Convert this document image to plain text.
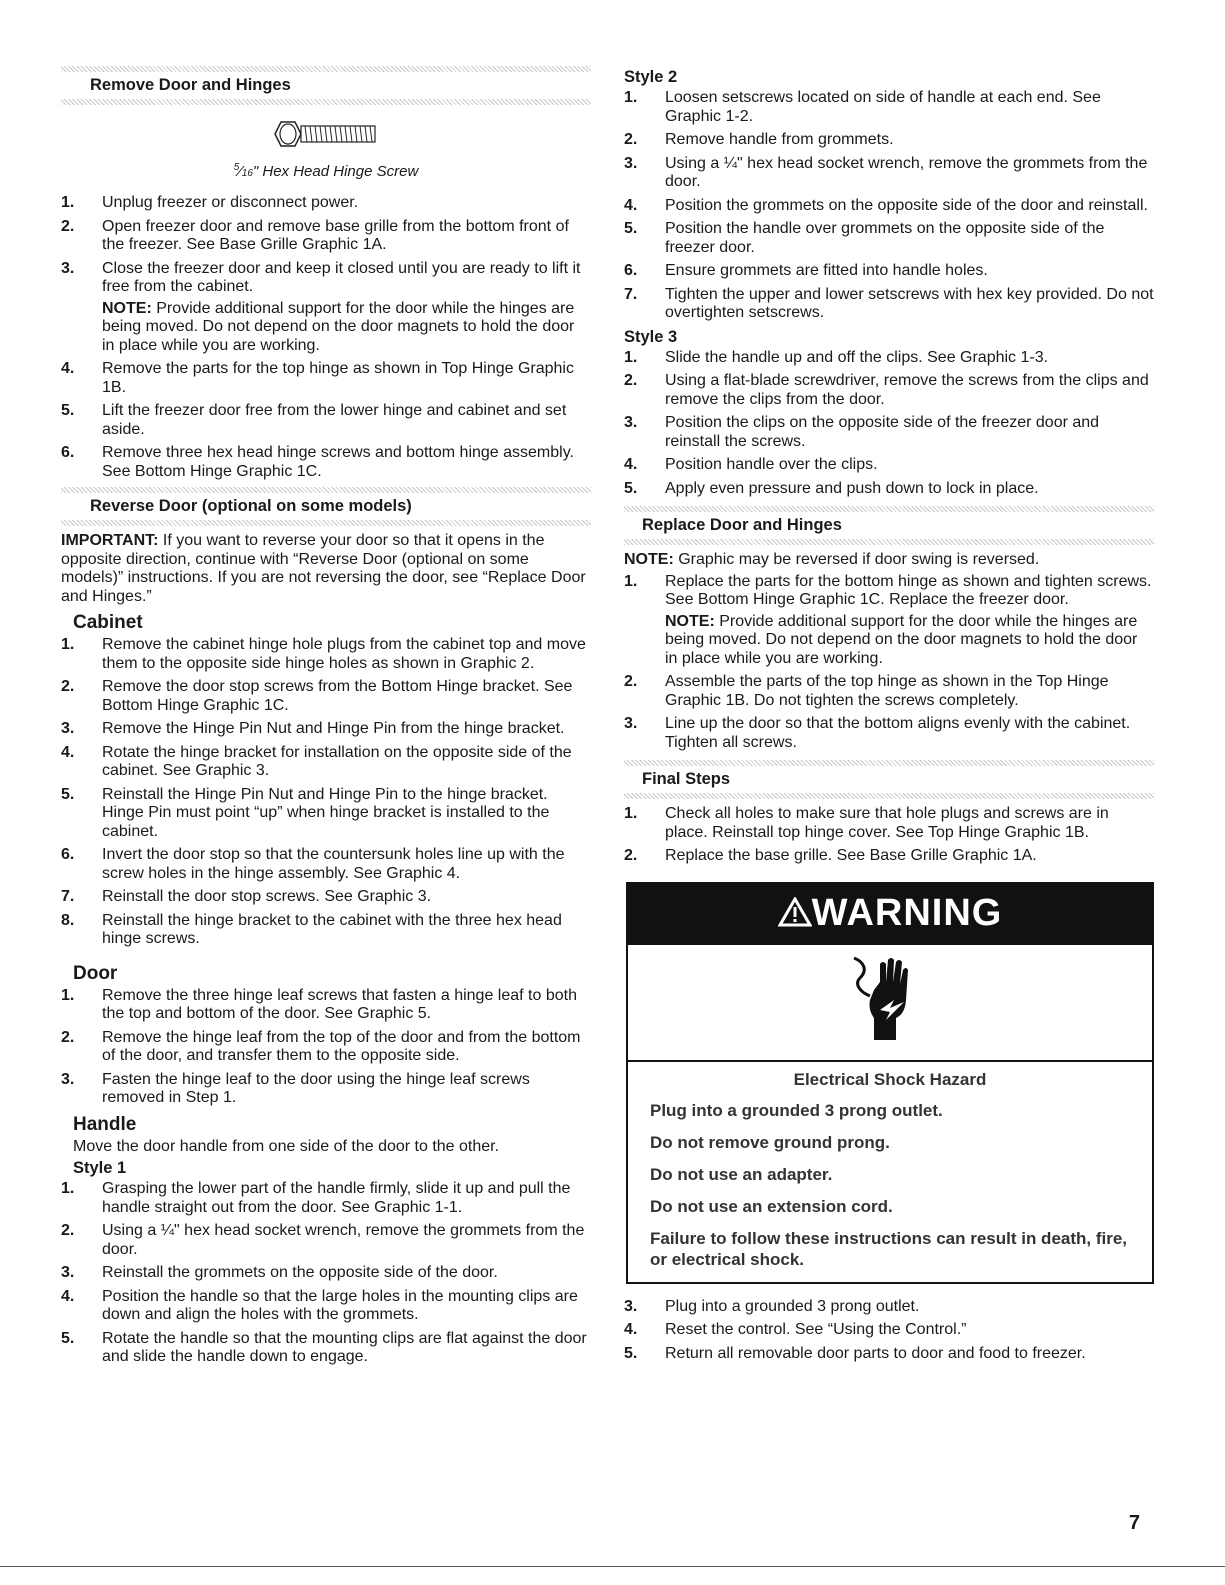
Remove Door and Hinges
$^5$⁄16" Hex Head Hinge Screw
1. Unplug freezer or disconnect power.
2. Open freezer door and remove base grille from the bottom front of the freezer. See Base Grille Graphic 1A.
3. Close the freezer door and keep it closed until you are ready to lift it free from the cabinet.
NOTE: Provide additional support for the door while the hinges are being moved. Do not depend on the door magnets to hold the door in place while you are working.
4. Remove the parts for the top hinge as shown in Top Hinge Graphic 1B.
5. Lift the freezer door free from the lower hinge and cabinet and set aside.
6. Remove three hex head hinge screws and bottom hinge assembly. See Bottom Hinge Graphic 1C.
Reverse Door (optional on some models)

IMPORTANT: If you want to reverse your door so that it opens in the opposite direction, continue with “Reverse Door (optional on some models)” instructions. If you are not reversing the door, see “Replace Door and Hinges.”

Cabinet
1. Remove the cabinet hinge hole plugs from the cabinet top and move them to the opposite side hinge holes as shown in Graphic 2.
2. Remove the door stop screws from the Bottom Hinge bracket. See Bottom Hinge Graphic 1C.
3. Remove the Hinge Pin Nut and Hinge Pin from the hinge bracket.
4. Rotate the hinge bracket for installation on the opposite side of the cabinet. See Graphic 3.
5. Reinstall the Hinge Pin Nut and Hinge Pin to the hinge bracket. Hinge Pin must point “up” when hinge bracket is installed to the cabinet.
6. Invert the door stop so that the countersunk holes line up with the screw holes in the hinge assembly. See Graphic 4.
7. Reinstall the door stop screws. See Graphic 3.
8. Reinstall the hinge bracket to the cabinet with the three hex head hinge screws.
Door
1. Remove the three hinge leaf screws that fasten a hinge leaf to both the top and bottom of the door. See Graphic 5.
2. Remove the hinge leaf from the top of the door and from the bottom of the door, and transfer them to the opposite side.
3. Fasten the hinge leaf to the door using the hinge leaf screws removed in Step 1.
Handle

Move the door handle from one side of the door to the other.

Style 1
1. Grasping the lower part of the handle firmly, slide it up and pull the handle straight out from the door. See Graphic 1-1.
2. Using a ¼" hex head socket wrench, remove the grommets from the door.
3. Reinstall the grommets on the opposite side of the door.
4. Position the handle so that the large holes in the mounting clips are down and align the holes with the grommets.
5. Rotate the handle so that the mounting clips are flat against the door and slide the handle down to engage.
Style 2
1. Loosen setscrews located on side of handle at each end. See Graphic 1-2.
2. Remove handle from grommets.
3. Using a ¼" hex head socket wrench, remove the grommets from the door.
4. Position the grommets on the opposite side of the door and reinstall.
5. Position the handle over grommets on the opposite side of the freezer door.
6. Ensure grommets are fitted into handle holes.
7. Tighten the upper and lower setscrews with hex key provided. Do not overtighten setscrews.
Style 3
1. Slide the handle up and off the clips. See Graphic 1-3.
2. Using a flat-blade screwdriver, remove the screws from the clips and remove the clips from the door.
3. Position the clips on the opposite side of the freezer door and reinstall the screws.
4. Position handle over the clips.
5. Apply even pressure and push down to lock in place.
Replace Door and Hinges

NOTE: Graphic may be reversed if door swing is reversed.

1. Replace the parts for the bottom hinge as shown and tighten screws. See Bottom Hinge Graphic 1C. Replace the freezer door.
NOTE: Provide additional support for the door while the hinges are being moved. Do not depend on the door magnets to hold the door in place while you are working.
2. Assemble the parts of the top hinge as shown in the Top Hinge Graphic 1B. Do not tighten the screws completely.
3. Line up the door so that the bottom aligns evenly with the cabinet. Tighten all screws.
Final Steps
1. Check all holes to make sure that hole plugs and screws are in place. Reinstall top hinge cover. See Top Hinge Graphic 1B.
2. Replace the base grille. See Base Grille Graphic 1A.
WARNING
Electrical Shock Hazard
Plug into a grounded 3 prong outlet.
Do not remove ground prong.
Do not use an adapter.
Do not use an extension cord.
Failure to follow these instructions can result in death, fire, or electrical shock.
3. Plug into a grounded 3 prong outlet.
4. Reset the control. See “Using the Control.”
5. Return all removable door parts to door and food to freezer.
7
